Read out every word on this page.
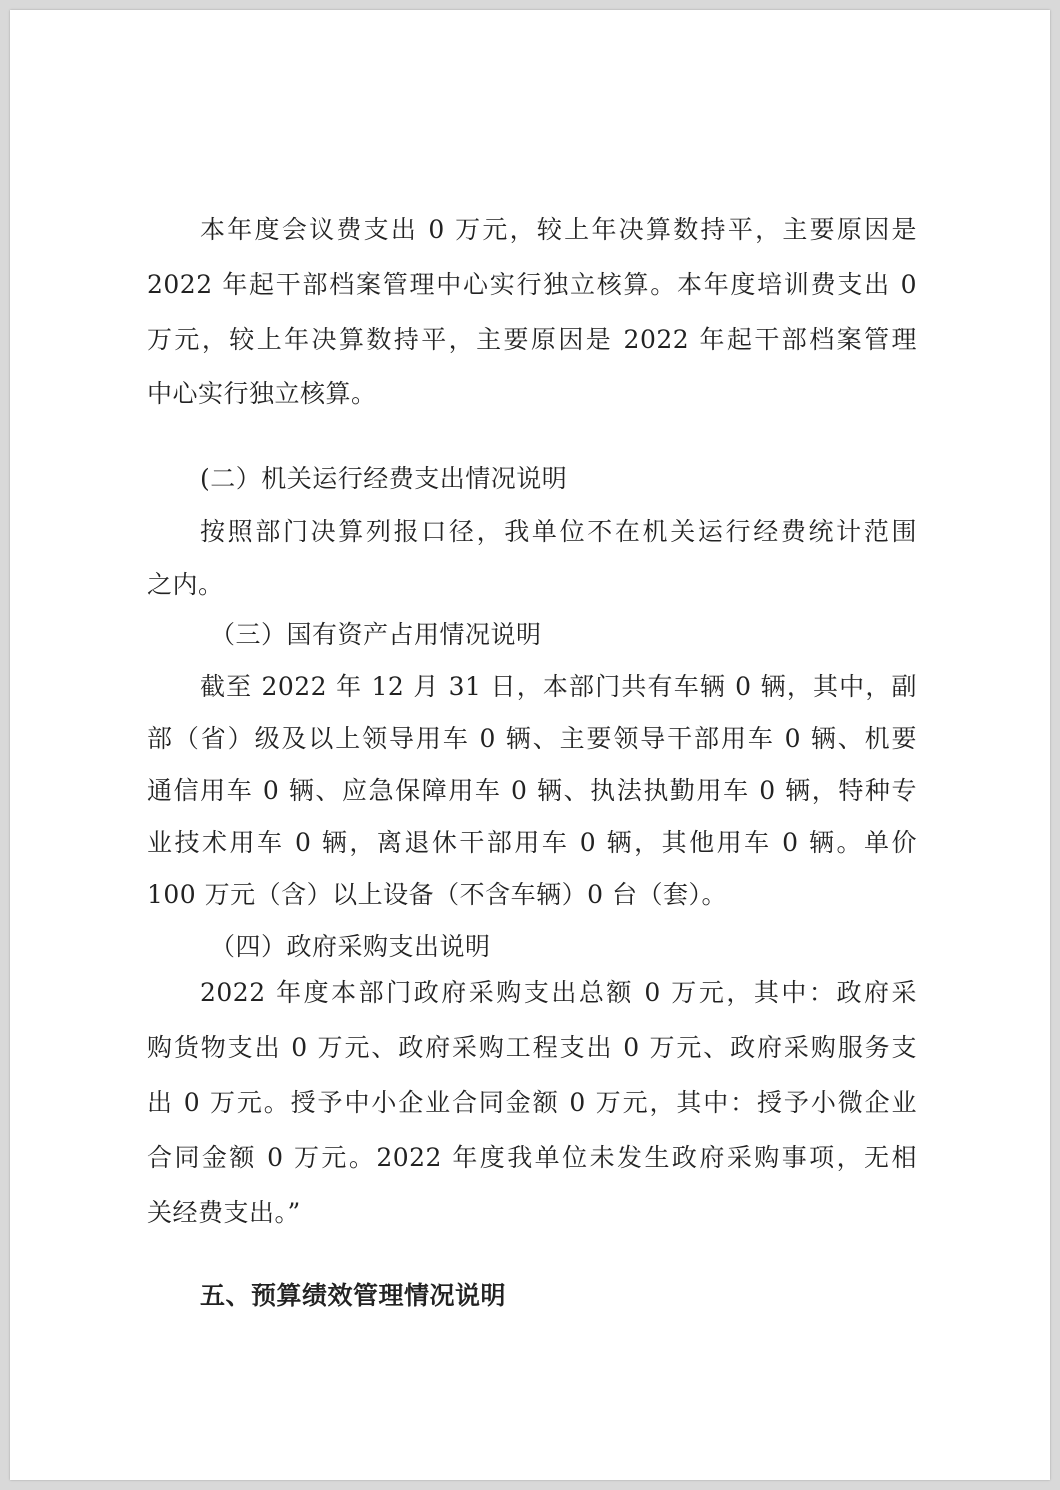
本年度会议费支出 0 万元，较上年决算数持平，主要原因是
2022 年起干部档案管理中心实行独立核算。本年度培训费支出 0
万元，较上年决算数持平，主要原因是 2022 年起干部档案管理
中心实行独立核算。
(二）机关运行经费支出情况说明
按照部门决算列报口径，我单位不在机关运行经费统计范围
之内。
（三）国有资产占用情况说明
截至 2022 年 12 月 31 日，本部门共有车辆 0 辆，其中，副
部（省）级及以上领导用车 0 辆、主要领导干部用车 0 辆、机要
通信用车 0 辆、应急保障用车 0 辆、执法执勤用车 0 辆，特种专
业技术用车 0 辆，离退休干部用车 0 辆，其他用车 0 辆。单价
100 万元（含）以上设备（不含车辆）0 台（套）。
（四）政府采购支出说明
2022 年度本部门政府采购支出总额 0 万元，其中：政府采
购货物支出 0 万元、政府采购工程支出 0 万元、政府采购服务支
出 0 万元。授予中小企业合同金额 0 万元，其中：授予小微企业
合同金额 0 万元。2022 年度我单位未发生政府采购事项，无相
关经费支出。”
五、预算绩效管理情况说明
